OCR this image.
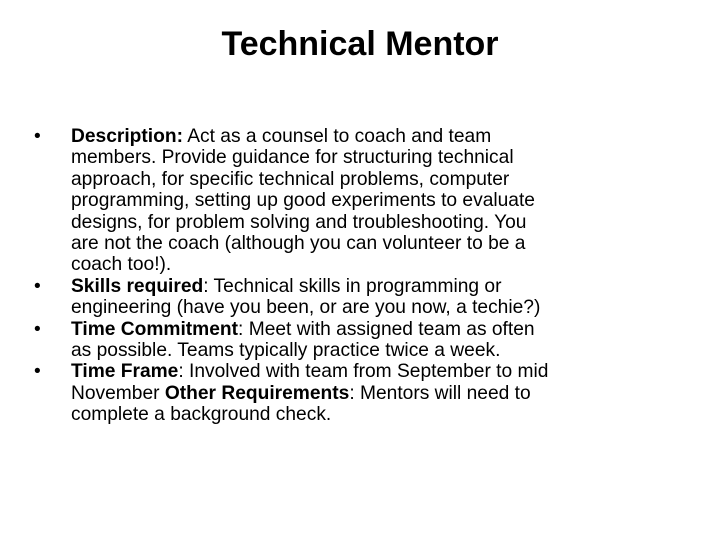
Technical Mentor
• Description: Act as a counsel to coach and team
members. Provide guidance for structuring technical
approach, for specific technical problems, computer
programming, setting up good experiments to evaluate
designs, for problem solving and troubleshooting. You
are not the coach (although you can volunteer to be a
coach too!).
• Skills required: Technical skills in programming or
engineering (have you been, or are you now, a techie?)
• Time Commitment: Meet with assigned team as often
as possible. Teams typically practice twice a week.
• Time Frame: Involved with team from September to mid
November Other Requirements: Mentors will need to
complete a background check.
